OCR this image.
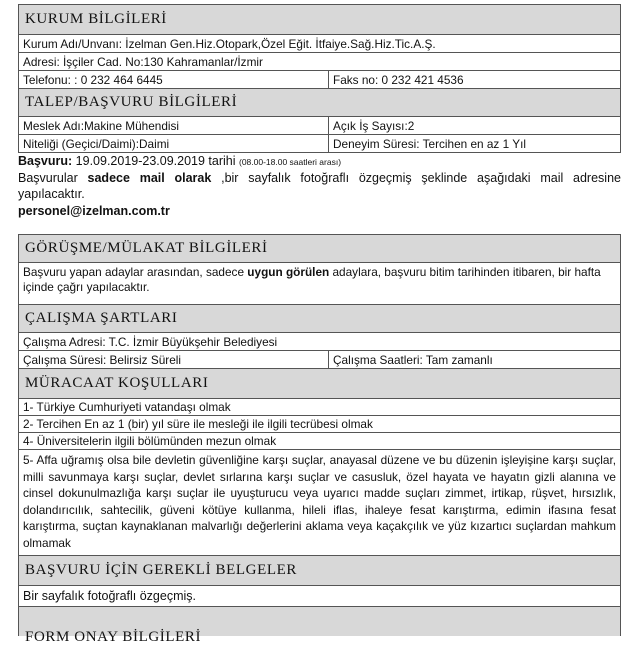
KURUM BİLGİLERİ
Kurum Adı/Unvanı: İzelman Gen.Hiz.Otopark,Özel Eğit. İtfaiye.Sağ.Hiz.Tic.A.Ş.
Adresi: İşçiler Cad. No:130 Kahramanlar/İzmir
Telefonu: : 0 232 464 6445	Faks no: 0 232 421 4536
TALEP/BAŞVURU BİLGİLERİ
Meslek Adı:Makine Mühendisi	Açık İş Sayısı:2
Niteliği (Geçici/Daimi):Daimi	Deneyim Süresi: Tercihen en az 1 Yıl
Başvuru: 19.09.2019-23.09.2019 tarihi (08.00-18.00 saatleri arası)
Başvurular sadece mail olarak ,bir sayfalık fotoğraflı özgeçmiş şeklinde aşağıdaki mail adresine yapılacaktır.
personel@izelman.com.tr
GÖRÜŞME/MÜLAKAT BİLGİLERİ
Başvuru yapan adaylar arasından, sadece uygun görülen adaylara, başvuru bitim tarihinden itibaren, bir hafta içinde çağrı yapılacaktır.
ÇALIŞMA ŞARTLARI
Çalışma Adresi: T.C. İzmir Büyükşehir Belediyesi
Çalışma Süresi: Belirsiz Süreli	Çalışma Saatleri: Tam zamanlı
MÜRACAAT KOŞULLARI
1- Türkiye Cumhuriyeti vatandaşı olmak
2- Tercihen En az 1 (bir) yıl süre ile mesleği ile ilgili tecrübesi olmak
4- Üniversitelerin ilgili bölümünden mezun olmak
5- Affa uğramış olsa bile devletin güvenliğine karşı suçlar, anayasal düzene ve bu düzenin işleyişine karşı suçlar, milli savunmaya karşı suçlar, devlet sırlarına karşı suçlar ve casusluk, özel hayata ve hayatın gizli alanına ve cinsel dokunulmazlığa karşı suçlar ile uyuşturucu veya uyarıcı madde suçları zimmet, irtikap, rüşvet, hırsızlık, dolandırıcılık, sahtecilik, güveni kötüye kullanma, hileli iflas, ihaleye fesat karıştırma, edimin ifasına fesat karıştırma, suçtan kaynaklanan malvarlığı değerlerini aklama veya kaçakçılık ve yüz kızartıcı suçlardan mahkum olmamak
BAŞVURU İÇİN GEREKLİ BELGELER
Bir sayfalık fotoğraflı özgeçmiş.
FORM ONAY BİLGİLERİ
